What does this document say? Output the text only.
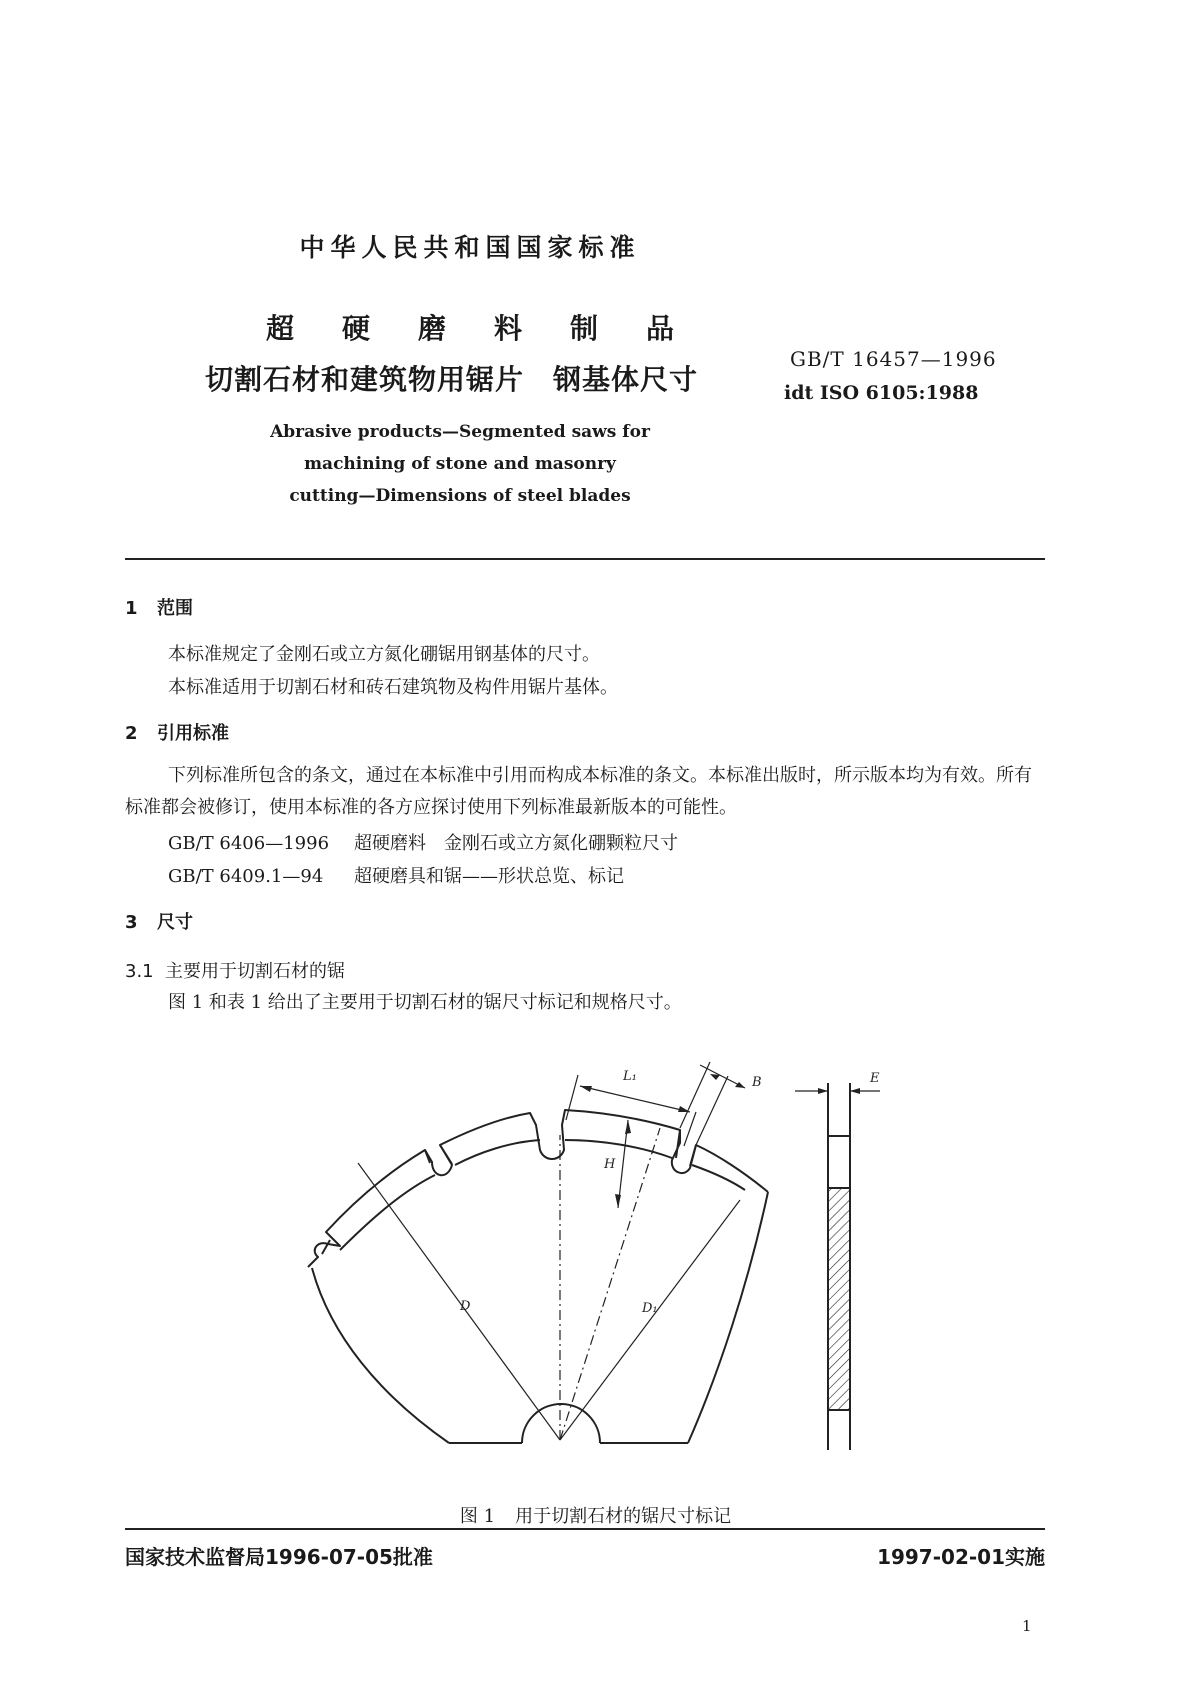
中华人民共和国国家标准
超 硬 磨 料 制 品
切割石材和建筑物用锯片　钢基体尺寸
GB/T 16457—1996
idt ISO 6105:1988
Abrasive products—Segmented saws for
machining of stone and masonry
cutting—Dimensions of steel blades
1 范围
本标准规定了金刚石或立方氮化硼锯用钢基体的尺寸。
本标准适用于切割石材和砖石建筑物及构件用锯片基体。
2 引用标准
下列标准所包含的条文，通过在本标准中引用而构成本标准的条文。本标准出版时，所示版本均为有效。所有标准都会被修订，使用本标准的各方应探讨使用下列标准最新版本的可能性。
GB/T 6406—1996 超硬磨料　金刚石或立方氮化硼颗粒尺寸
GB/T 6409.1—94 超硬磨具和锯——形状总览、标记
3 尺寸
3.1 主要用于切割石材的锯
图 1 和表 1 给出了主要用于切割石材的锯尺寸标记和规格尺寸。
L₁	B	E
H
D	D₁
图 1 用于切割石材的锯尺寸标记
国家技术监督局1996-07-05批准	1997-02-01实施
1
